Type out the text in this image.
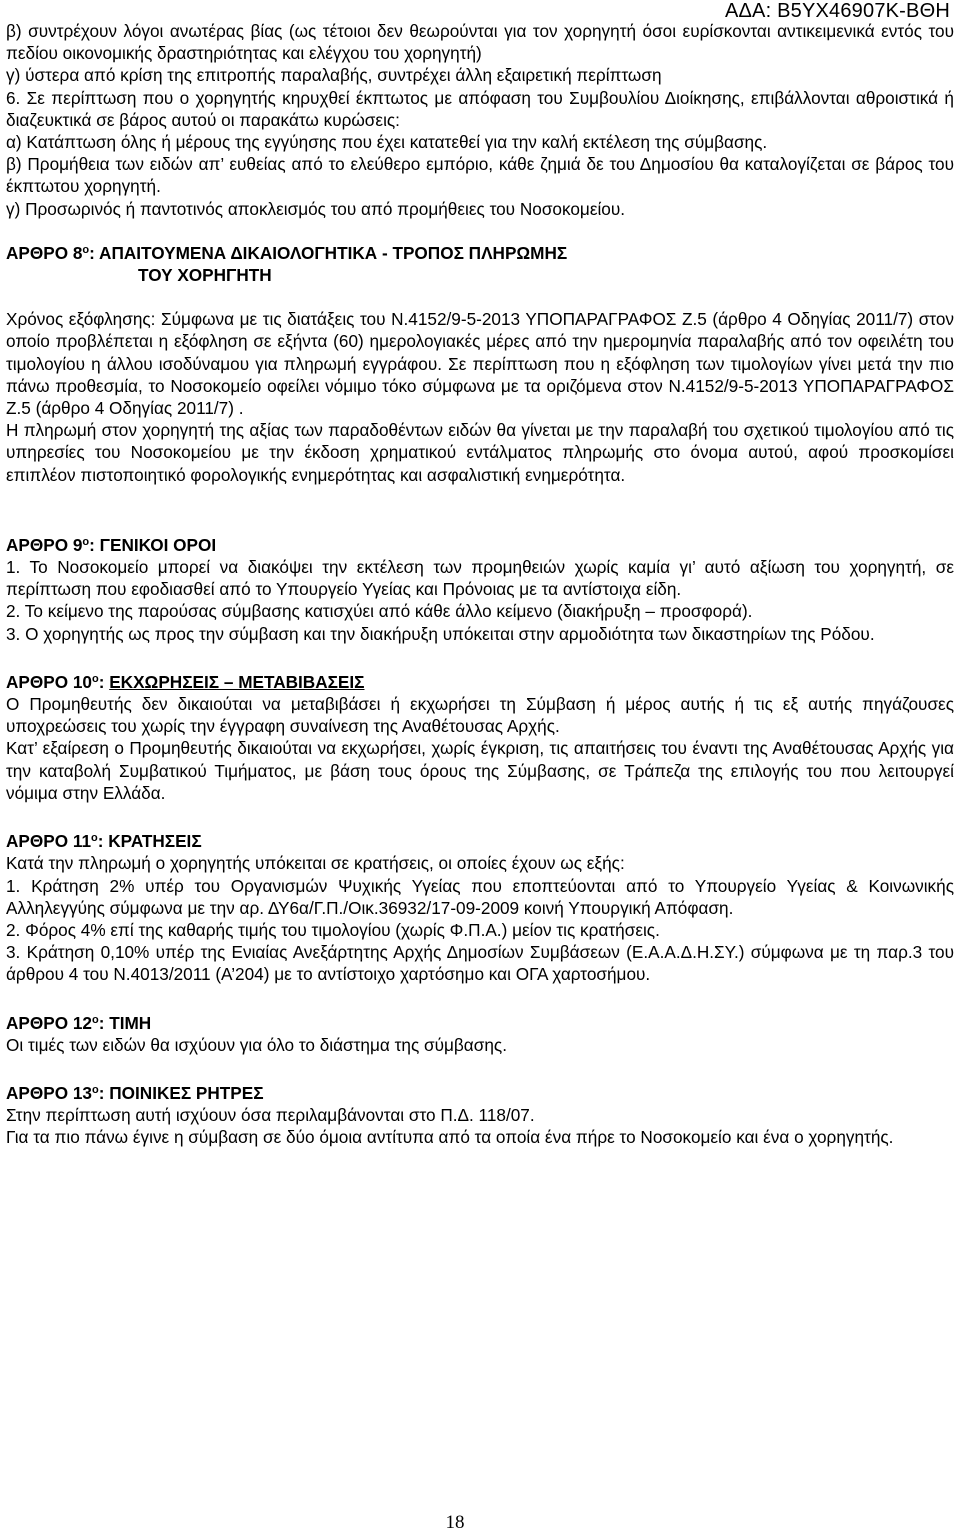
ΑΔΑ: Β5ΥΧ46907Κ-ΒΘΗ

β) συντρέχουν λόγοι ανωτέρας βίας (ως τέτοιοι δεν θεωρούνται για τον χορηγητή όσοι ευρίσκονται αντικειμενικά εντός του πεδίου οικονομικής δραστηριότητας και ελέγχου του χορηγητή)

γ) ύστερα από κρίση της επιτροπής παραλαβής, συντρέχει άλλη εξαιρετική περίπτωση

6. Σε περίπτωση που ο χορηγητής κηρυχθεί έκπτωτος με απόφαση του Συμβουλίου Διοίκησης, επιβάλλονται αθροιστικά ή διαζευκτικά σε βάρος αυτού οι παρακάτω κυρώσεις:

α) Κατάπτωση όλης ή μέρους της εγγύησης που έχει κατατεθεί για την καλή εκτέλεση της σύμβασης.

β) Προμήθεια των ειδών απ’ ευθείας από το ελεύθερο εμπόριο, κάθε ζημιά δε του Δημοσίου θα καταλογίζεται σε βάρος του έκπτωτου χορηγητή.

γ) Προσωρινός ή παντοτινός αποκλεισμός του από προμήθειες του Νοσοκομείου.

ΑΡΘΡΟ $8^o$: ΑΠΑΙΤΟΥΜΕΝΑ ΔΙΚΑΙΟΛΟΓΗΤΙΚΑ - ΤΡΟΠΟΣ ΠΛΗΡΩΜΗΣ

ΤΟΥ ΧΟΡΗΓΗΤΗ

Χρόνος εξόφλησης: Σύμφωνα με τις διατάξεις του Ν.4152/9-5-2013 ΥΠΟΠΑΡΑΓΡΑΦΟΣ Ζ.5 (άρθρο 4 Οδηγίας 2011/7) στον οποίο προβλέπεται η εξόφληση σε εξήντα (60) ημερολογιακές μέρες από την ημερομηνία παραλαβής από τον οφειλέτη του τιμολογίου η άλλου ισοδύναμου για πληρωμή εγγράφου. Σε περίπτωση που η εξόφληση των τιμολογίων γίνει μετά την πιο πάνω προθεσμία, το Νοσοκομείο οφείλει νόμιμο τόκο σύμφωνα με τα οριζόμενα στον Ν.4152/9-5-2013 ΥΠΟΠΑΡΑΓΡΑΦΟΣ Ζ.5 (άρθρο 4 Οδηγίας 2011/7) .

Η πληρωμή στον χορηγητή της αξίας των παραδοθέντων ειδών θα γίνεται με την παραλαβή του σχετικού τιμολογίου από τις υπηρεσίες του Νοσοκομείου με την έκδοση χρηματικού εντάλματος πληρωμής στο όνομα αυτού, αφού προσκομίσει επιπλέον πιστοποιητικό φορολογικής ενημερότητας και ασφαλιστική ενημερότητα.

ΑΡΘΡΟ $9^o$: ΓΕΝΙΚΟΙ ΟΡΟΙ

1. Το Νοσοκομείο μπορεί να διακόψει την εκτέλεση των προμηθειών χωρίς καμία γι’ αυτό αξίωση του χορηγητή, σε περίπτωση που εφοδιασθεί από το Υπουργείο Υγείας και Πρόνοιας με τα αντίστοιχα είδη.

2. Το κείμενο της παρούσας σύμβασης κατισχύει από κάθε άλλο κείμενο (διακήρυξη – προσφορά).

3. Ο χορηγητής ως προς την σύμβαση και την διακήρυξη υπόκειται στην αρμοδιότητα των δικαστηρίων της Ρόδου.

ΑΡΘΡΟ $10^o$: ΕΚΧΩΡΗΣΕΙΣ – ΜΕΤΑΒΙΒΑΣΕΙΣ

Ο Προμηθευτής δεν δικαιούται να μεταβιβάσει ή εκχωρήσει τη Σύμβαση ή μέρος αυτής ή τις εξ αυτής πηγάζουσες υποχρεώσεις του χωρίς την έγγραφη συναίνεση της Αναθέτουσας Αρχής.

Κατ’ εξαίρεση ο Προμηθευτής δικαιούται να εκχωρήσει, χωρίς έγκριση, τις απαιτήσεις του έναντι της Αναθέτουσας Αρχής για την καταβολή Συμβατικού Τιμήματος, με βάση τους όρους της Σύμβασης, σε Τράπεζα της επιλογής του που λειτουργεί νόμιμα στην Ελλάδα.

ΑΡΘΡΟ $11^o$: ΚΡΑΤΗΣΕΙΣ

Κατά την πληρωμή ο χορηγητής υπόκειται σε κρατήσεις, οι οποίες έχουν ως εξής:

1. Κράτηση 2% υπέρ του Οργανισμών Ψυχικής Υγείας που εποπτεύονται από το Υπουργείο Υγείας & Κοινωνικής Αλληλεγγύης σύμφωνα με την αρ. ΔΥ6α/Γ.Π./Οικ.36932/17-09-2009 κοινή Υπουργική Απόφαση.

2. Φόρος 4% επί της καθαρής τιμής του τιμολογίου (χωρίς Φ.Π.Α.) μείον τις κρατήσεις.

3. Κράτηση 0,10% υπέρ της Ενιαίας Ανεξάρτητης Αρχής Δημοσίων Συμβάσεων (Ε.Α.Α.Δ.Η.ΣΥ.) σύμφωνα με τη παρ.3 του άρθρου 4 του Ν.4013/2011 (Α’204) με το αντίστοιχο χαρτόσημο και ΟΓΑ χαρτοσήμου.

ΑΡΘΡΟ $12^o$: ΤΙΜΗ

Οι τιμές των ειδών θα ισχύουν για όλο το διάστημα της σύμβασης.

ΑΡΘΡΟ $13^o$: ΠΟΙΝΙΚΕΣ ΡΗΤΡΕΣ

Στην περίπτωση αυτή ισχύουν όσα περιλαμβάνονται στο Π.Δ. 118/07.

Για τα πιο πάνω έγινε η σύμβαση σε δύο όμοια αντίτυπα από τα οποία ένα πήρε το Νοσοκομείο και ένα ο χορηγητής.

18
